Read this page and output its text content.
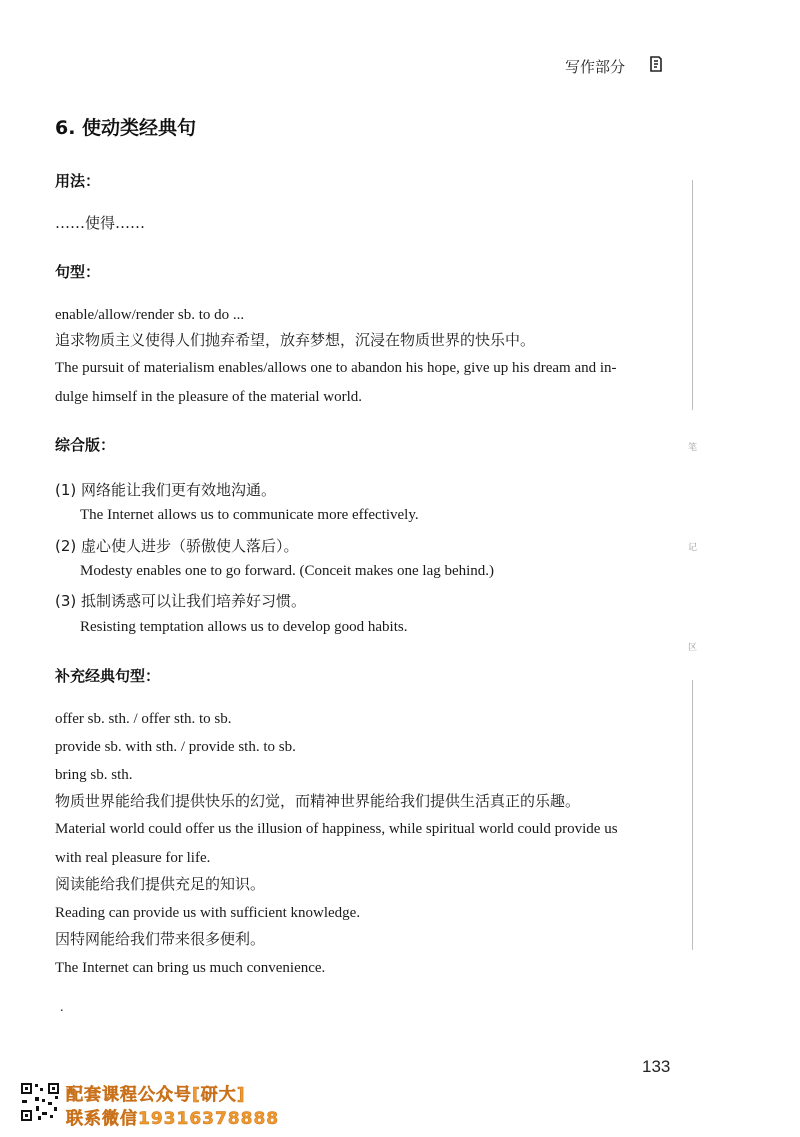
写作部分
6. 使动类经典句
用法：
……使得……
句型：
enable/allow/render sb. to do ...
追求物质主义使得人们抛弃希望，放弃梦想，沉浸在物质世界的快乐中。
The pursuit of materialism enables/allows one to abandon his hope, give up his dream and in-
dulge himself in the pleasure of the material world.
综合版：
(1) 网络能让我们更有效地沟通。
The Internet allows us to communicate more effectively.
(2) 虚心使人进步（骄傲使人落后）。
Modesty enables one to go forward. (Conceit makes one lag behind.)
(3) 抵制诱惑可以让我们培养好习惯。
Resisting temptation allows us to develop good habits.
补充经典句型：
offer sb. sth. / offer sth. to sb.
provide sb. with sth. / provide sth. to sb.
bring sb. sth.
物质世界能给我们提供快乐的幻觉，而精神世界能给我们提供生活真正的乐趣。
Material world could offer us the illusion of happiness, while spiritual world could provide us
with real pleasure for life.
阅读能给我们提供充足的知识。
Reading can provide us with sufficient knowledge.
因特网能给我们带来很多便利。
The Internet can bring us much convenience.
.
笔
记
区
133
配套课程公众号[研大]
联系微信19316378888
